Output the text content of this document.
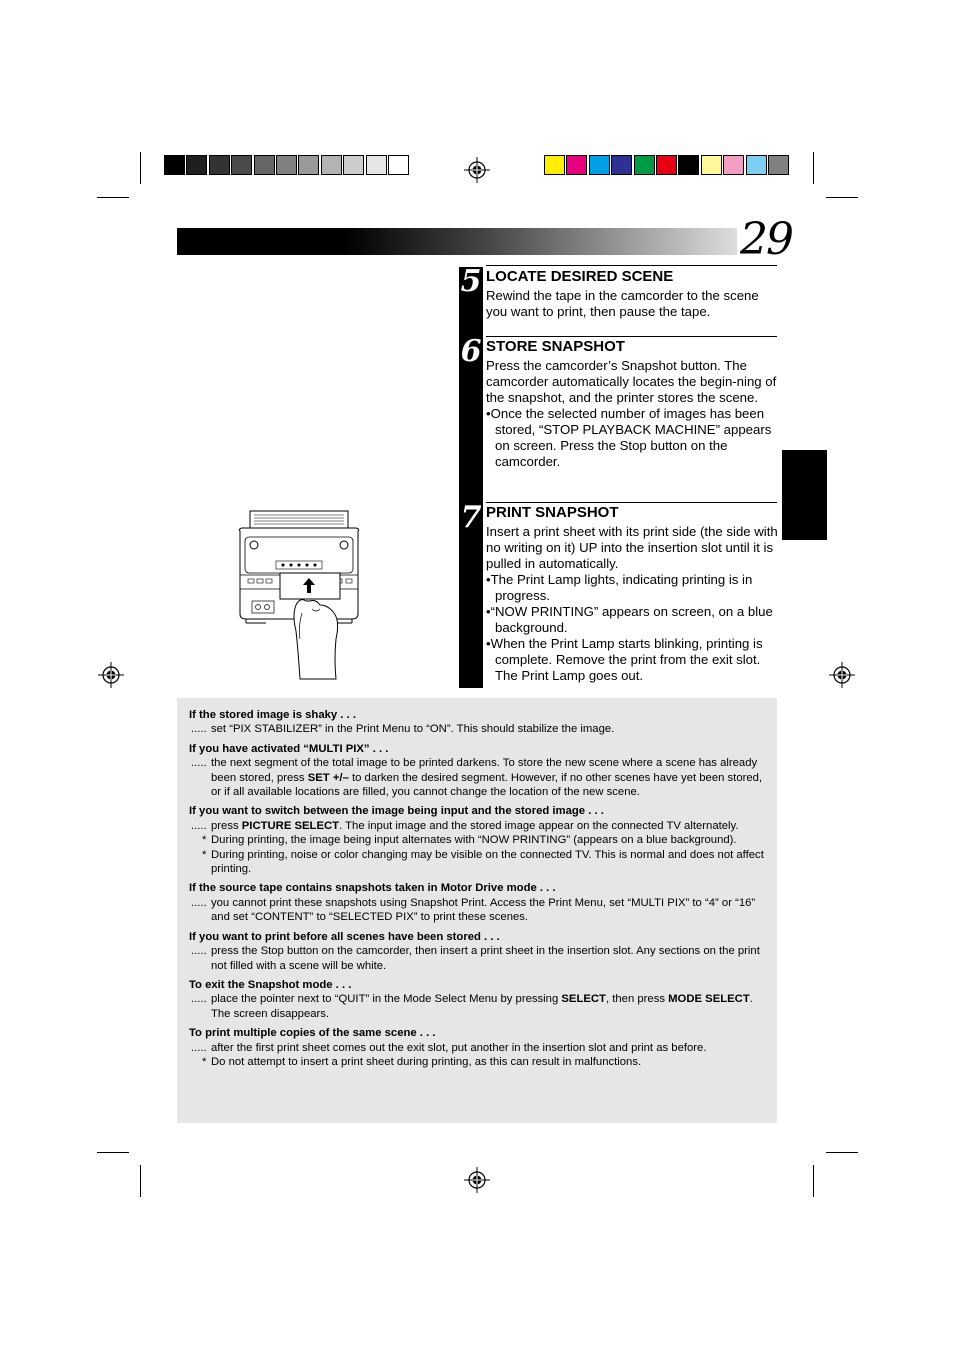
29
5 LOCATE DESIRED SCENE

Rewind the tape in the camcorder to the scene you want to print, then pause the tape.

6 STORE SNAPSHOT

Press the camcorder’s Snapshot button. The camcorder automatically locates the begin-ning of the snapshot, and the printer stores the scene.

•Once the selected number of images has been stored, “STOP PLAYBACK MACHINE” appears on screen. Press the Stop button on the camcorder.

7 PRINT SNAPSHOT

Insert a print sheet with its print side (the side with no writing on it) UP into the insertion slot until it is pulled in automatically.

•The Print Lamp lights, indicating printing is in progress.

•“NOW PRINTING” appears on screen, on a blue background.

•When the Print Lamp starts blinking, printing is complete. Remove the print from the exit slot. The Print Lamp goes out.

If the stored image is shaky . . .
..... set “PIX STABILIZER” in the Print Menu to “ON”. This should stabilize the image.
If you have activated “MULTI PIX” . . .
..... the next segment of the total image to be printed darkens. To store the new scene where a scene has already been stored, press SET +/– to darken the desired segment. However, if no other scenes have yet been stored, or if all available locations are filled, you cannot change the location of the new scene.
If you want to switch between the image being input and the stored image . . .
..... press PICTURE SELECT. The input image and the stored image appear on the connected TV alternately.
* During printing, the image being input alternates with “NOW PRINTING” (appears on a blue background).
* During printing, noise or color changing may be visible on the connected TV. This is normal and does not affect printing.
If the source tape contains snapshots taken in Motor Drive mode . . .
..... you cannot print these snapshots using Snapshot Print. Access the Print Menu, set “MULTI PIX” to “4” or “16” and set “CONTENT” to “SELECTED PIX” to print these scenes.
If you want to print before all scenes have been stored . . .
..... press the Stop button on the camcorder, then insert a print sheet in the insertion slot. Any sections on the print not filled with a scene will be white.
To exit the Snapshot mode . . .
..... place the pointer next to “QUIT” in the Mode Select Menu by pressing SELECT, then press MODE SELECT. The screen disappears.
To print multiple copies of the same scene . . .
..... after the first print sheet comes out the exit slot, put another in the insertion slot and print as before.
* Do not attempt to insert a print sheet during printing, as this can result in malfunctions.
